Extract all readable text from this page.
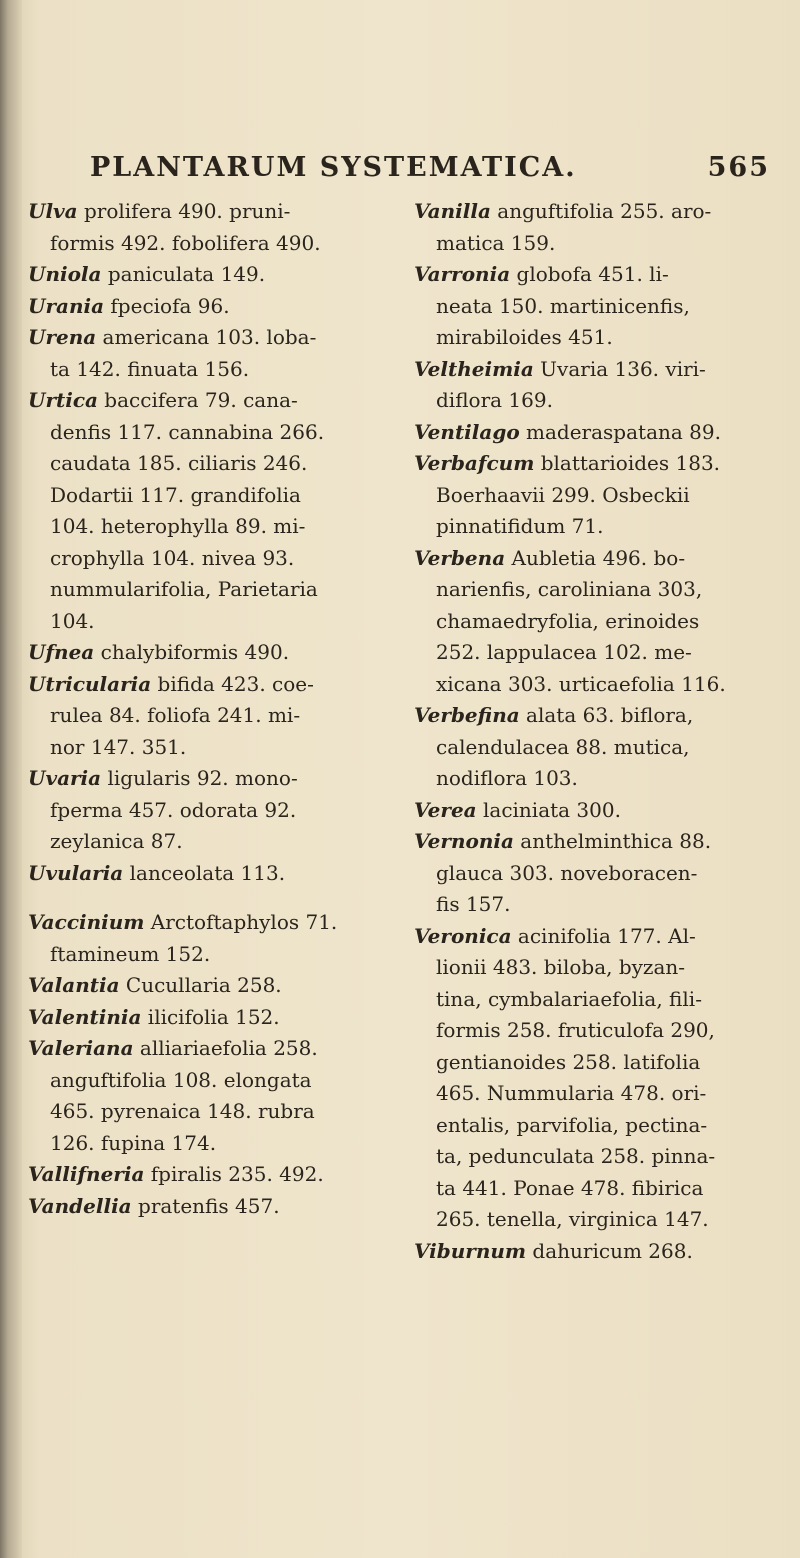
PLANTARUM SYSTEMATICA.	565
Ulva prolifera 490. pruni-
formis 492. fobolifera 490.
Uniola paniculata 149.
Urania fpeciofa 96.
Urena americana 103. loba-
ta 142. finuata 156.
Urtica baccifera 79. cana-
denfis 117. cannabina 266.
caudata 185. ciliaris 246.
Dodartii 117. grandifolia
104. heterophylla 89. mi-
crophylla 104. nivea 93.
nummularifolia, Parietaria
104.
Ufnea chalybiformis 490.
Utricularia bifida 423. coe-
rulea 84. foliofa 241. mi-
nor 147. 351.
Uvaria ligularis 92. mono-
fperma 457. odorata 92.
zeylanica 87.
Uvularia lanceolata 113.
Vaccinium Arctoftaphylos 71.
ftamineum 152.
Valantia Cucullaria 258.
Valentinia ilicifolia 152.
Valeriana alliariaefolia 258.
anguftifolia 108. elongata
465. pyrenaica 148. rubra
126. fupina 174.
Vallifneria fpiralis 235. 492.
Vandellia pratenfis 457.
Vanilla anguftifolia 255. aro-
matica 159.
Varronia globofa 451. li-
neata 150. martinicenfis,
mirabiloides 451.
Veltheimia Uvaria 136. viri-
diflora 169.
Ventilago maderaspatana 89.
Verbafcum blattarioides 183.
Boerhaavii 299. Osbeckii
pinnatifidum 71.
Verbena Aubletia 496. bo-
narienfis, caroliniana 303,
chamaedryfolia, erinoides
252. lappulacea 102. me-
xicana 303. urticaefolia 116.
Verbefina alata 63. biflora,
calendulacea 88. mutica,
nodiflora 103.
Verea laciniata 300.
Vernonia anthelminthica 88.
glauca 303. noveboracen-
fis 157.
Veronica acinifolia 177. Al-
lionii 483. biloba, byzan-
tina, cymbalariaefolia, fili-
formis 258. fruticulofa 290,
gentianoides 258. latifolia
465. Nummularia 478. ori-
entalis, parvifolia, pectina-
ta, pedunculata 258. pinna-
ta 441. Ponae 478. fibirica
265. tenella, virginica 147.
Viburnum dahuricum 268.
